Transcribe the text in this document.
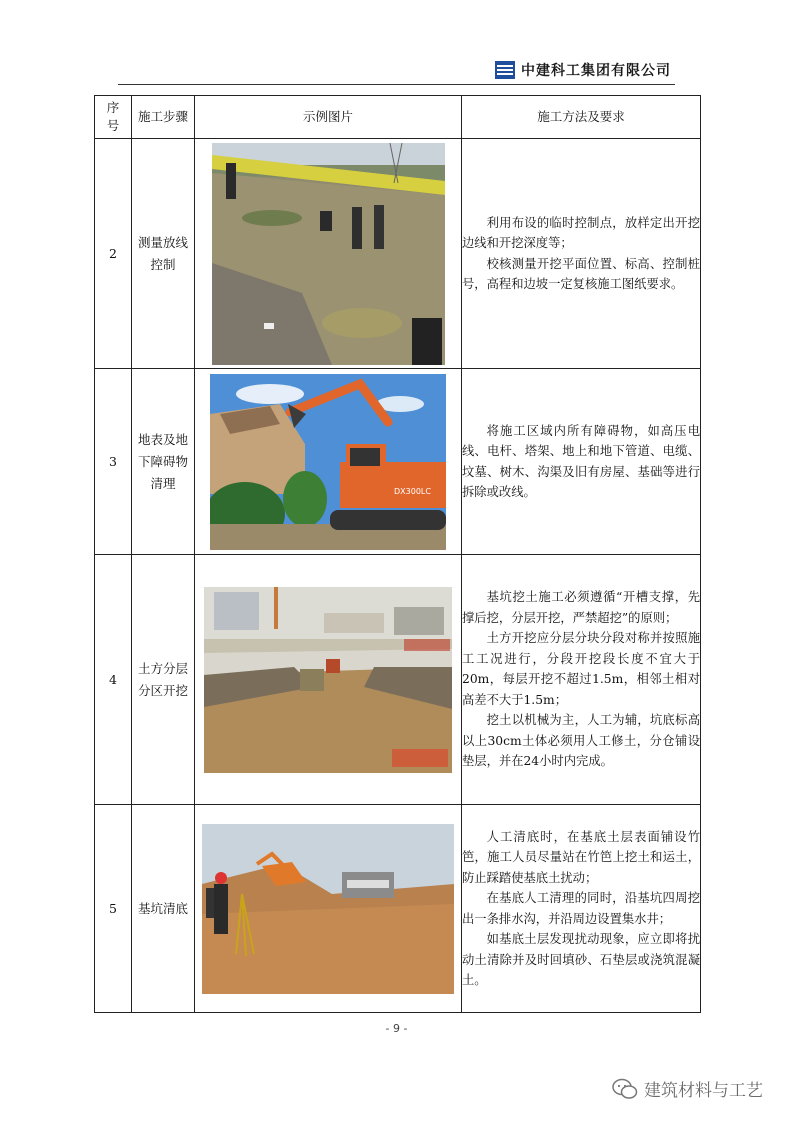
中建科工集团有限公司
序号	施工步骤	示例图片	施工方法及要求
2	测量放线控制		利用布设的临时控制点，放样定出开挖边线和开挖深度等；

校核测量开挖平面位置、标高、控制桩号，高程和边坡一定复核施工图纸要求。

3	地表及地下障碍物清理	DX300LC	将施工区域内所有障碍物，如高压电线、电杆、塔架、地上和地下管道、电缆、坟墓、树木、沟渠及旧有房屋、基础等进行拆除或改线。

4	土方分层分区开挖		基坑挖土施工必须遵循“开槽支撑，先撑后挖，分层开挖，严禁超挖”的原则；

土方开挖应分层分块分段对称并按照施工工况进行，分段开挖段长度不宜大于20m，每层开挖不超过1.5m，相邻土相对高差不大于1.5m；

挖土以机械为主，人工为辅，坑底标高以上30cm土体必须用人工修土，分仓铺设垫层，并在24小时内完成。

5	基坑清底		人工清底时，在基底土层表面铺设竹笆，施工人员尽量站在竹笆上挖土和运土，防止踩踏使基底土扰动；

在基底人工清理的同时，沿基坑四周挖出一条排水沟，并沿周边设置集水井；

如基底土层发现扰动现象，应立即将扰动土清除并及时回填砂、石垫层或浇筑混凝土。

- 9 -
建筑材料与工艺
